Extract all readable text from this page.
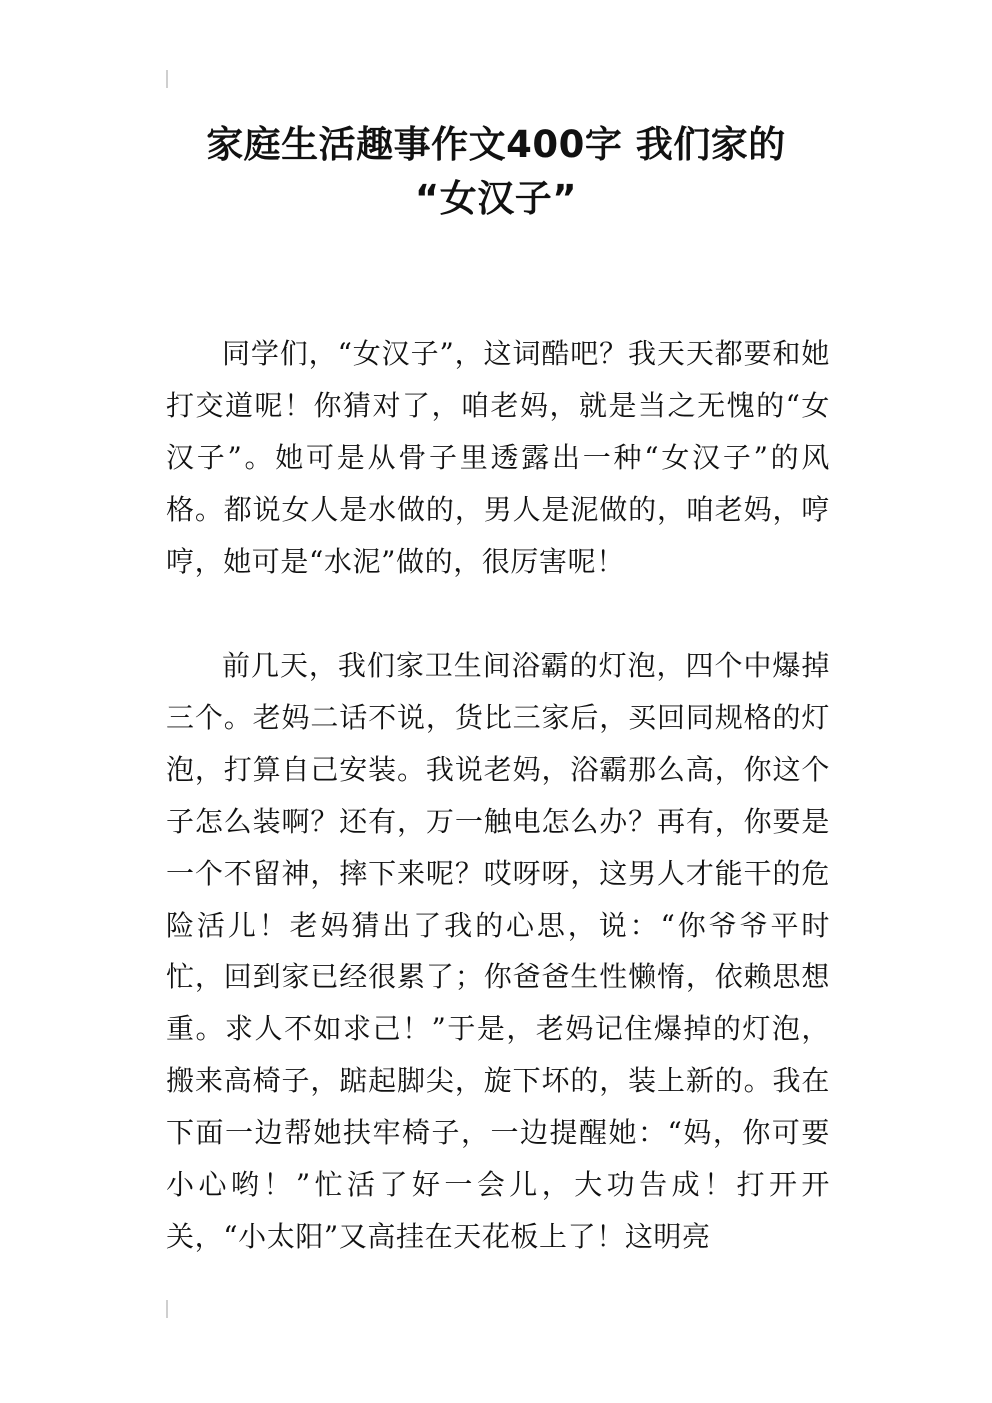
家庭生活趣事作文400字 我们家的
“女汉子”

同学们，“女汉子”，这词酷吧？我天天都要和她打交道呢！你猜对了，咱老妈，就是当之无愧的“女汉子”。她可是从骨子里透露出一种“女汉子”的风格。都说女人是水做的，男人是泥做的，咱老妈，哼哼，她可是“水泥”做的，很厉害呢！

前几天，我们家卫生间浴霸的灯泡，四个中爆掉三个。老妈二话不说，货比三家后，买回同规格的灯泡，打算自己安装。我说老妈，浴霸那么高，你这个子怎么装啊？还有，万一触电怎么办？再有，你要是一个不留神，摔下来呢？哎呀呀，这男人才能干的危险活儿！老妈猜出了我的心思，说：“你爷爷平时忙，回到家已经很累了；你爸爸生性懒惰，依赖思想重。求人不如求己！”于是，老妈记住爆掉的灯泡，搬来高椅子，踮起脚尖，旋下坏的，装上新的。我在下面一边帮她扶牢椅子，一边提醒她：“妈，你可要小心哟！”忙活了好一会儿，大功告成！打开开关，“小太阳”又高挂在天花板上了！这明亮
